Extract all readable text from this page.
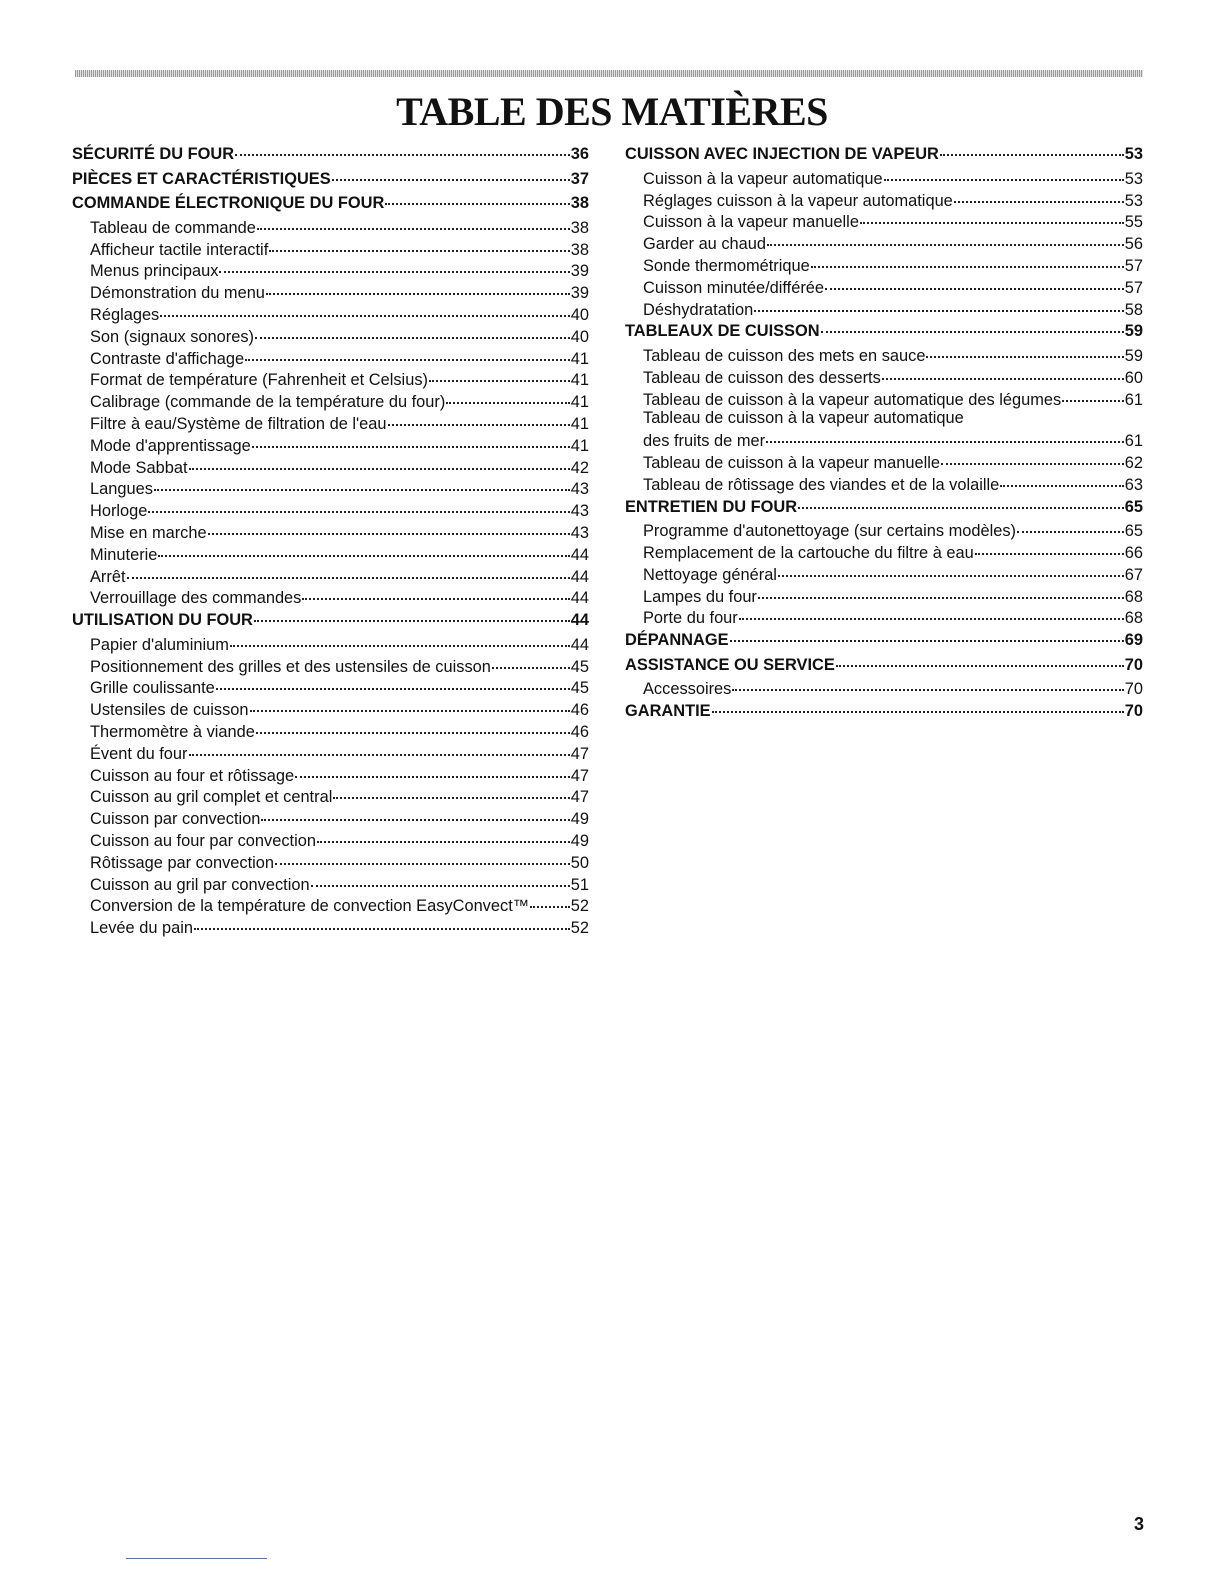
TABLE DES MATIÈRES
SÉCURITÉ DU FOUR	36
PIÈCES ET CARACTÉRISTIQUES	37
COMMANDE ÉLECTRONIQUE DU FOUR	38
Tableau de commande	38
Afficheur tactile interactif	38
Menus principaux	39
Démonstration du menu	39
Réglages	40
Son (signaux sonores)	40
Contraste d'affichage	41
Format de température (Fahrenheit et Celsius)	41
Calibrage (commande de la température du four)	41
Filtre à eau/Système de filtration de l'eau	41
Mode d'apprentissage	41
Mode Sabbat	42
Langues	43
Horloge	43
Mise en marche	43
Minuterie	44
Arrêt	44
Verrouillage des commandes	44
UTILISATION DU FOUR	44
Papier d'aluminium	44
Positionnement des grilles et des ustensiles de cuisson	45
Grille coulissante	45
Ustensiles de cuisson	46
Thermomètre à viande	46
Évent du four	47
Cuisson au four et rôtissage	47
Cuisson au gril complet et central	47
Cuisson par convection	49
Cuisson au four par convection	49
Rôtissage par convection	50
Cuisson au gril par convection	51
Conversion de la température de convection EasyConvect™	52
Levée du pain	52
CUISSON AVEC INJECTION DE VAPEUR	53
Cuisson à la vapeur automatique	53
Réglages cuisson à la vapeur automatique	53
Cuisson à la vapeur manuelle	55
Garder au chaud	56
Sonde thermométrique	57
Cuisson minutée/différée	57
Déshydratation	58
TABLEAUX DE CUISSON	59
Tableau de cuisson des mets en sauce	59
Tableau de cuisson des desserts	60
Tableau de cuisson à la vapeur automatique des légumes	61
Tableau de cuisson à la vapeur automatique
des fruits de mer	61
Tableau de cuisson à la vapeur manuelle	62
Tableau de rôtissage des viandes et de la volaille	63
ENTRETIEN DU FOUR	65
Programme d'autonettoyage (sur certains modèles)	65
Remplacement de la cartouche du filtre à eau	66
Nettoyage général	67
Lampes du four	68
Porte du four	68
DÉPANNAGE	69
ASSISTANCE OU SERVICE	70
Accessoires	70
GARANTIE	70
3
